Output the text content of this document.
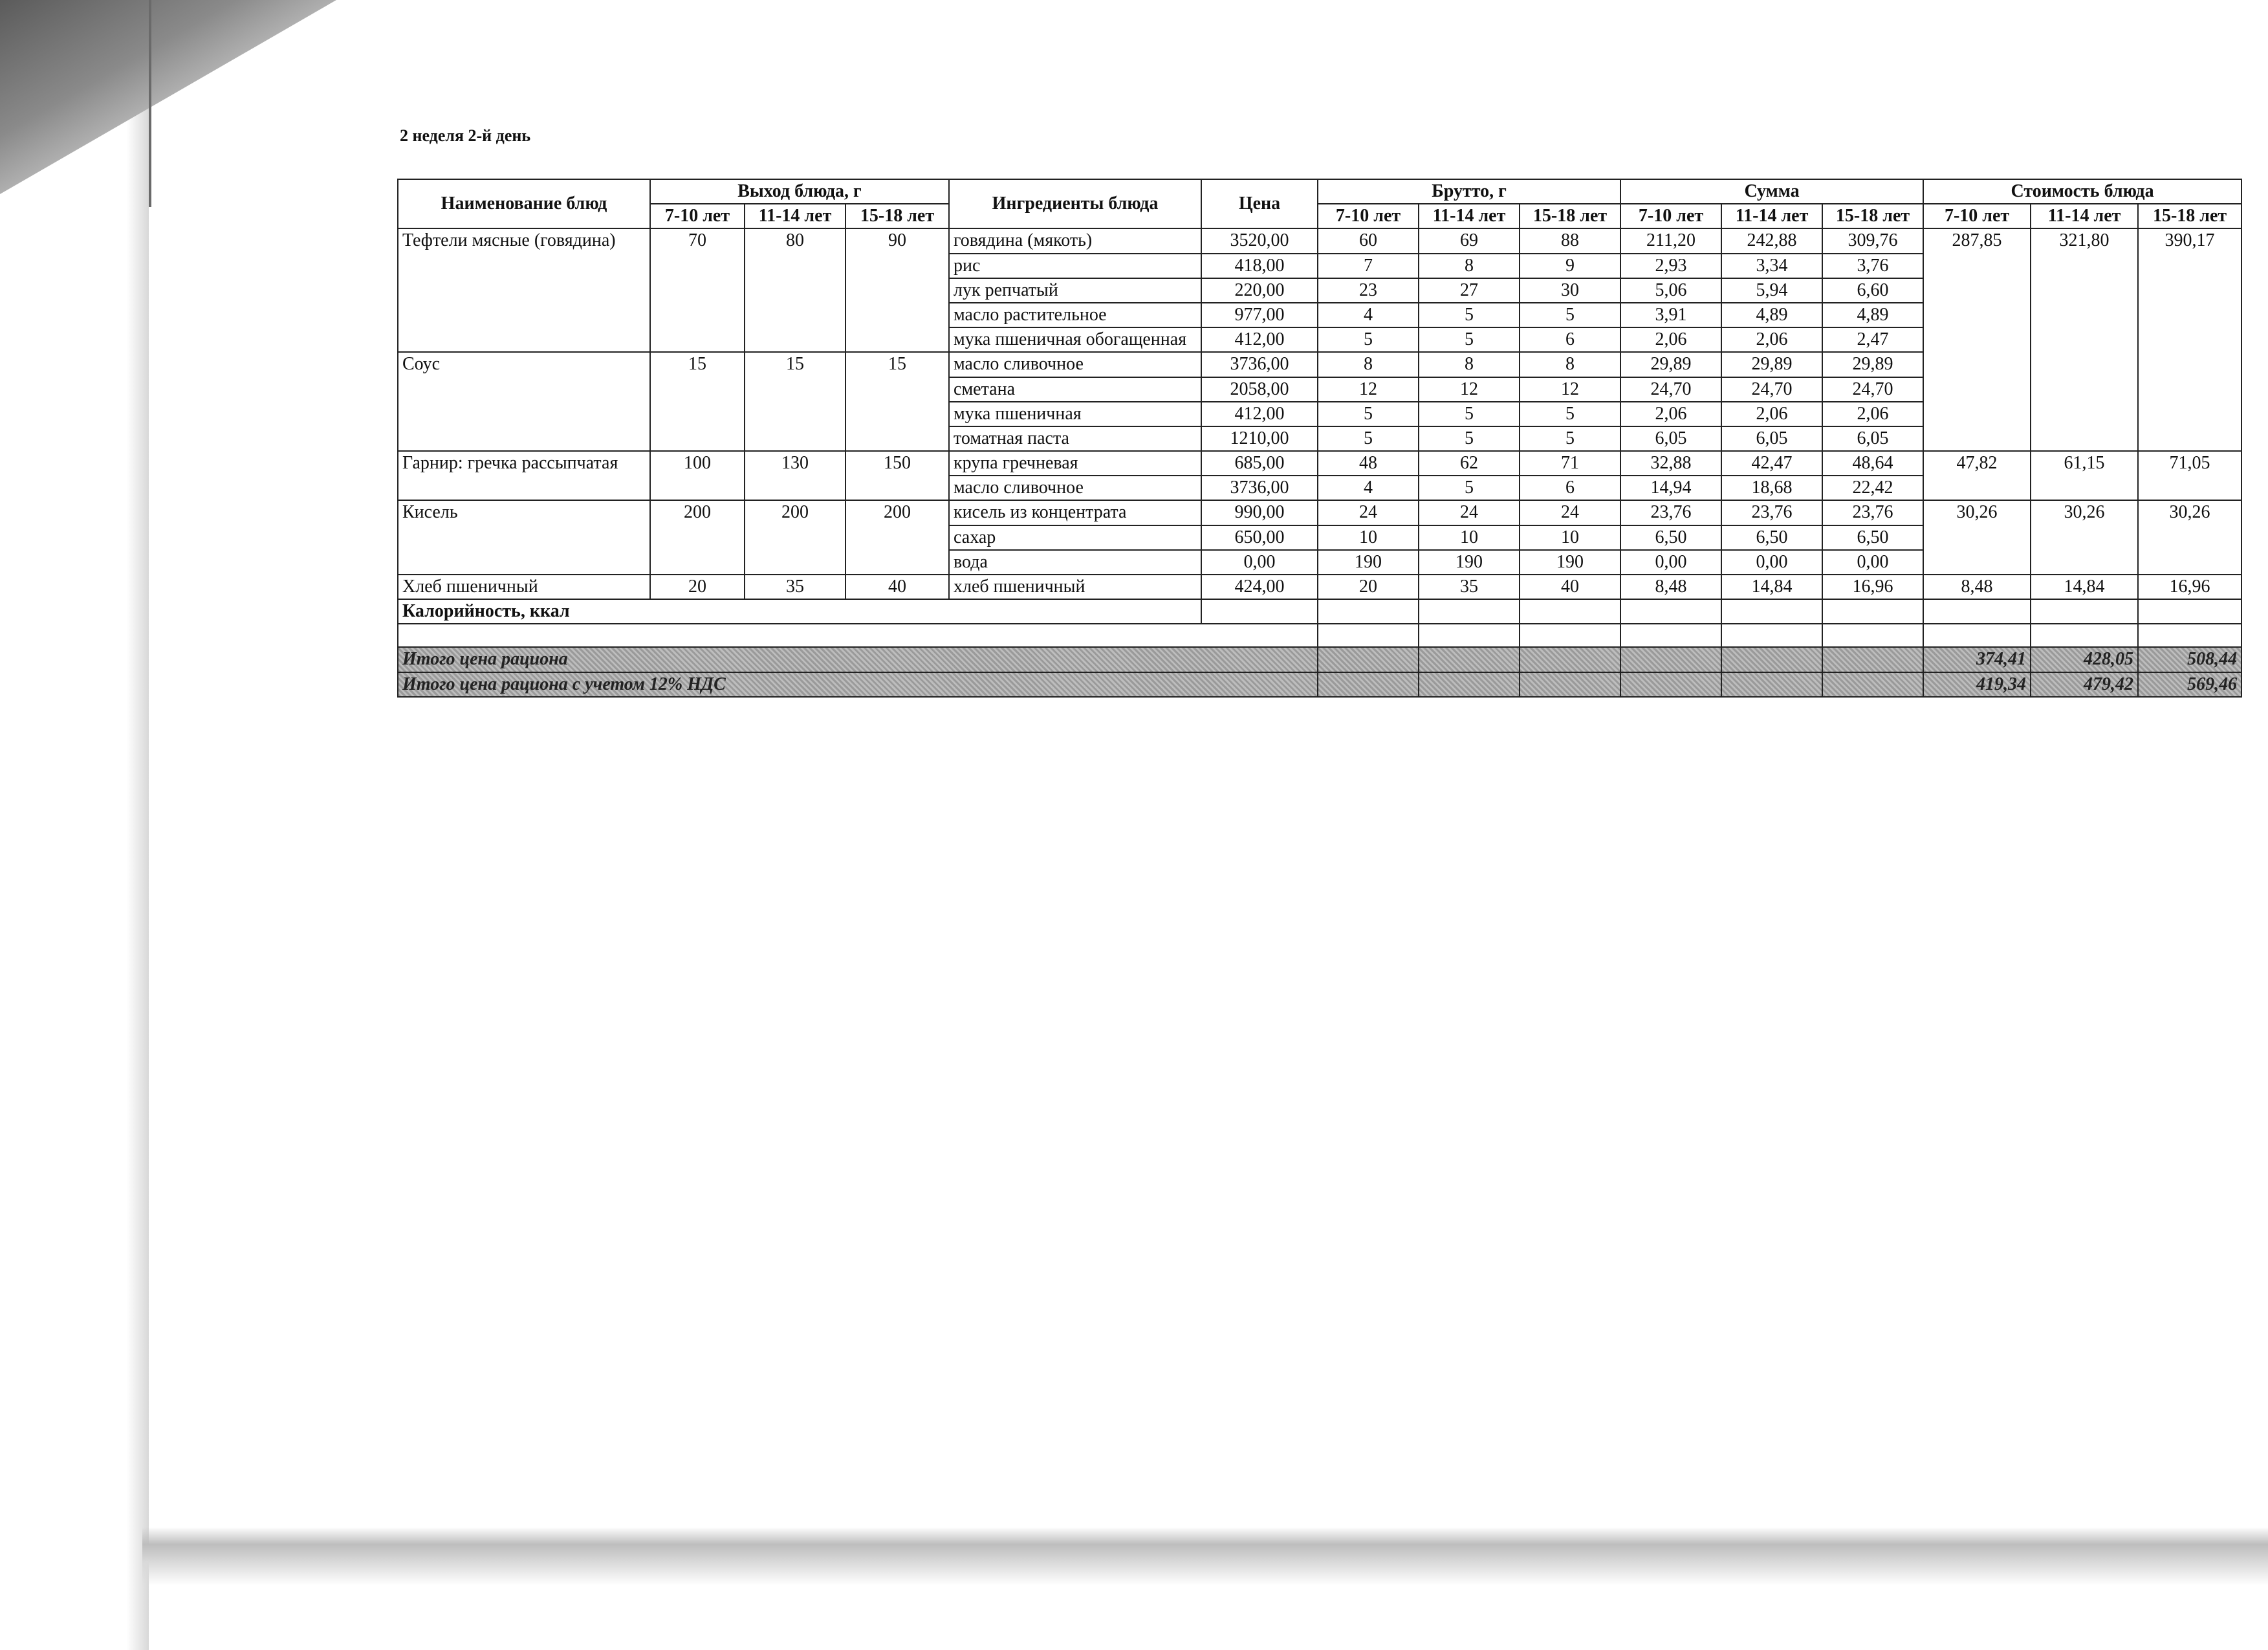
2 неделя 2-й день
Наименование блюд	Выход блюда, г			Ингредиенты блюда	Цена	Брутто, г			Сумма			Стоимость блюда		
	7-10 лет	11-14 лет	15-18 лет			7-10 лет	11-14 лет	15-18 лет	7-10 лет	11-14 лет	15-18 лет	7-10 лет	11-14 лет	15-18 лет
Тефтели мясные (говядина)	70	80	90	говядина (мякоть)	3520,00	60	69	88	211,20	242,88	309,76	287,85	321,80	390,17
				рис	418,00	7	8	9	2,93	3,34	3,76			
				лук репчатый	220,00	23	27	30	5,06	5,94	6,60			
				масло растительное	977,00	4	5	5	3,91	4,89	4,89			
				мука пшеничная обогащенная	412,00	5	5	6	2,06	2,06	2,47			
Соус	15	15	15	масло сливочное	3736,00	8	8	8	29,89	29,89	29,89			
				сметана	2058,00	12	12	12	24,70	24,70	24,70			
				мука пшеничная	412,00	5	5	5	2,06	2,06	2,06			
				томатная паста	1210,00	5	5	5	6,05	6,05	6,05			
Гарнир: гречка рассыпчатая	100	130	150	крупа гречневая	685,00	48	62	71	32,88	42,47	48,64	47,82	61,15	71,05
				масло сливочное	3736,00	4	5	6	14,94	18,68	22,42			
Кисель	200	200	200	кисель из концентрата	990,00	24	24	24	23,76	23,76	23,76	30,26	30,26	30,26
				сахар	650,00	10	10	10	6,50	6,50	6,50			
				вода	0,00	190	190	190	0,00	0,00	0,00			
Хлеб пшеничный	20	35	40	хлеб пшеничный	424,00	20	35	40	8,48	14,84	16,96	8,48	14,84	16,96
Калорийность, ккал														

Итого цена рациона												374,41	428,05	508,44
Итого цена рациона с учетом 12% НДС												419,34	479,42	569,46
